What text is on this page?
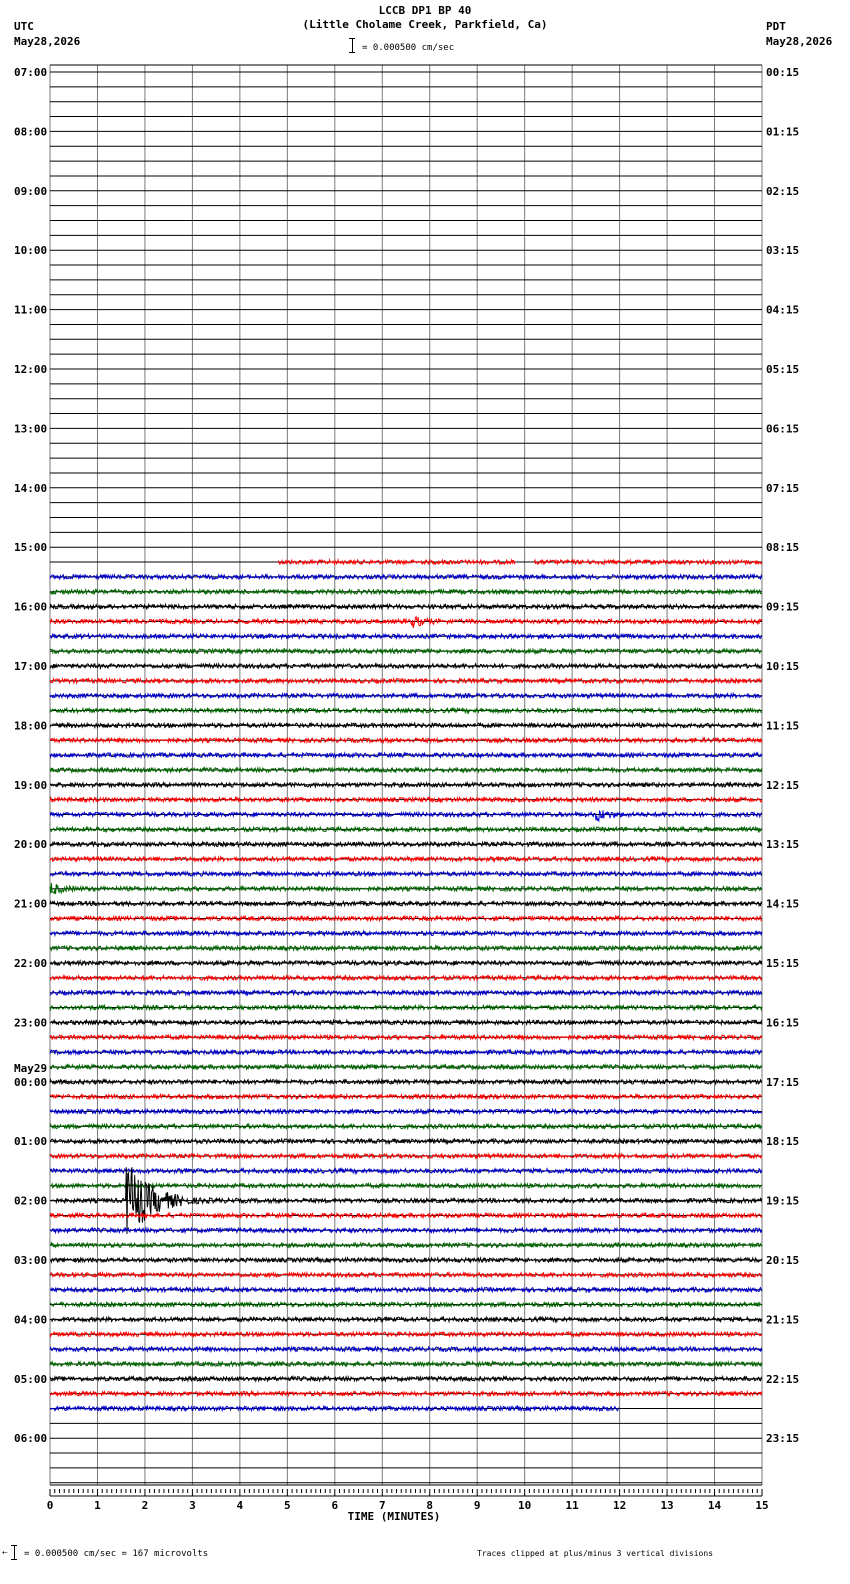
LCCB DP1 BP 40
(Little Cholame Creek, Parkfield, Ca)
UTC
May28,2026
PDT
May28,2026
= 0.000500 cm/sec
07:00	00:15
08:00	01:15
09:00	02:15
10:00	03:15
11:00	04:15
12:00	05:15
13:00	06:15
14:00	07:15
15:00	08:15
16:00	09:15
17:00	10:15
18:00	11:15
19:00	12:15
20:00	13:15
21:00	14:15
22:00	15:15
23:00	16:15
00:00	17:15
01:00	18:15
02:00	19:15
03:00	20:15
04:00	21:15
05:00	22:15
06:00	23:15
May29
0	1	2	3	4	5	6	7	8	9	10	11	12	13	14	15
TIME (MINUTES)
⇠ = 0.000500 cm/sec = 167 microvolts	Traces clipped at plus/minus 3 vertical divisions
